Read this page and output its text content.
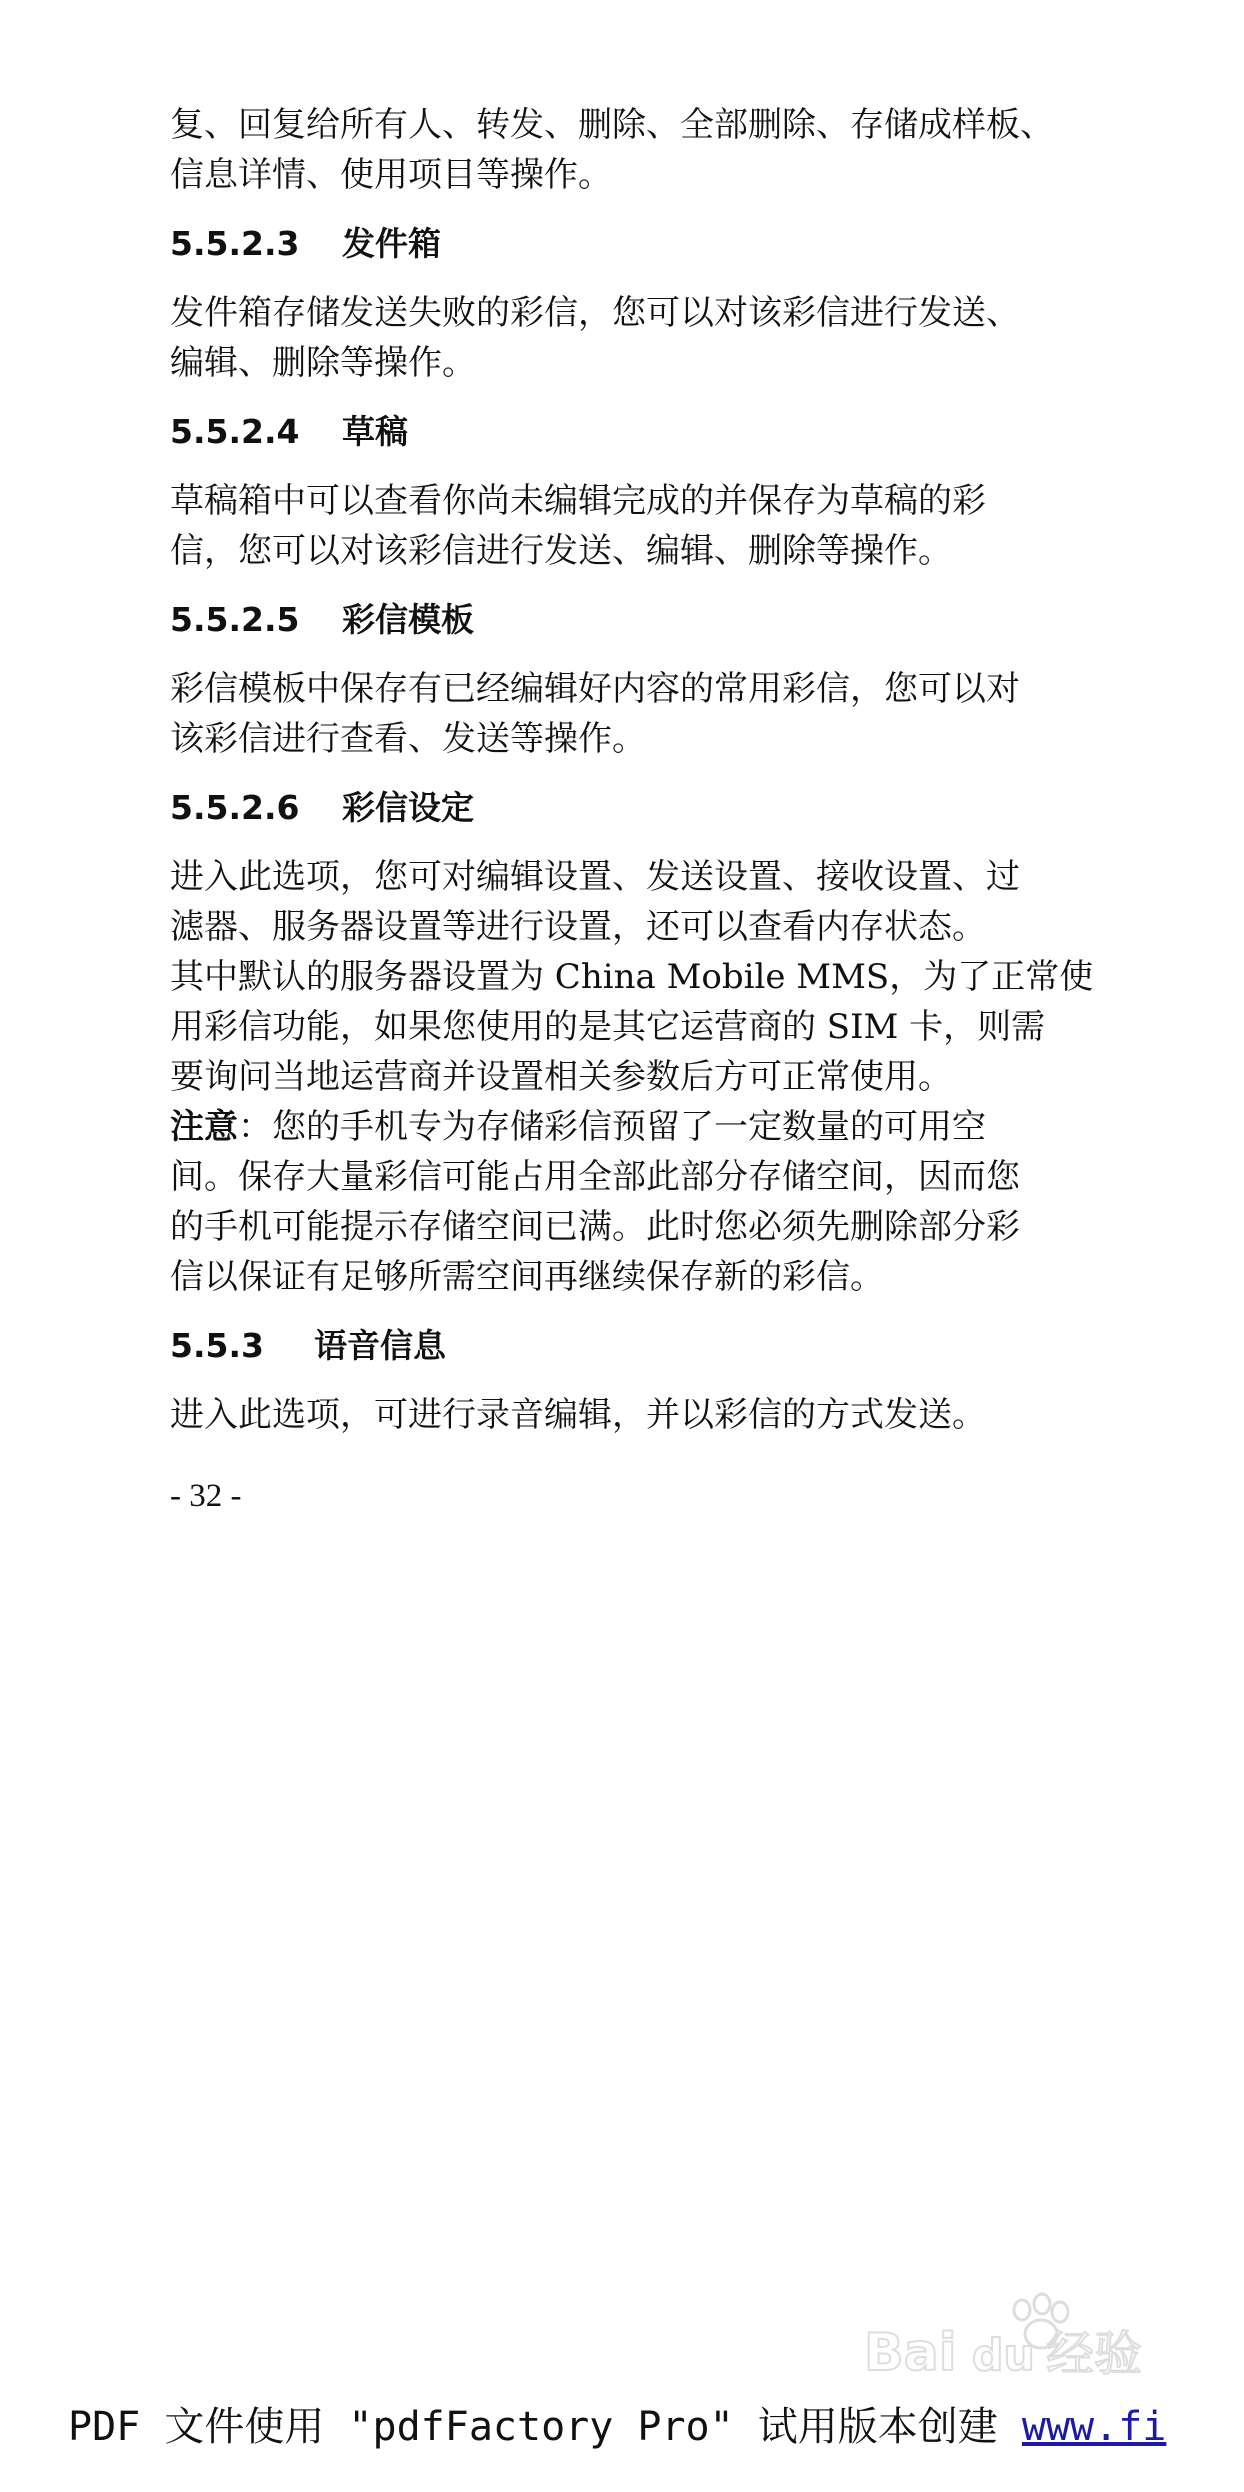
复、回复给所有人、转发、删除、全部删除、存储成样板、
信息详情、使用项目等操作。

5.5.2.3	发件箱

发件箱存储发送失败的彩信，您可以对该彩信进行发送、
编辑、删除等操作。

5.5.2.4	草稿

草稿箱中可以查看你尚未编辑完成的并保存为草稿的彩
信，您可以对该彩信进行发送、编辑、删除等操作。

5.5.2.5	彩信模板

彩信模板中保存有已经编辑好内容的常用彩信，您可以对
该彩信进行查看、发送等操作。

5.5.2.6	彩信设定

进入此选项，您可对编辑设置、发送设置、接收设置、过
滤器、服务器设置等进行设置，还可以查看内存状态。
其中默认的服务器设置为 China Mobile MMS，为了正常使
用彩信功能，如果您使用的是其它运营商的 SIM 卡，则需
要询问当地运营商并设置相关参数后方可正常使用。
注意：您的手机专为存储彩信预留了一定数量的可用空
间。保存大量彩信可能占用全部此部分存储空间，因而您
的手机可能提示存储空间已满。此时您必须先删除部分彩
信以保证有足够所需空间再继续保存新的彩信。

5.5.3	语音信息

进入此选项，可进行录音编辑，并以彩信的方式发送。

- 32 -
Bai du 经验
PDF 文件使用 "pdfFactory Pro" 试用版本创建 www.fi
